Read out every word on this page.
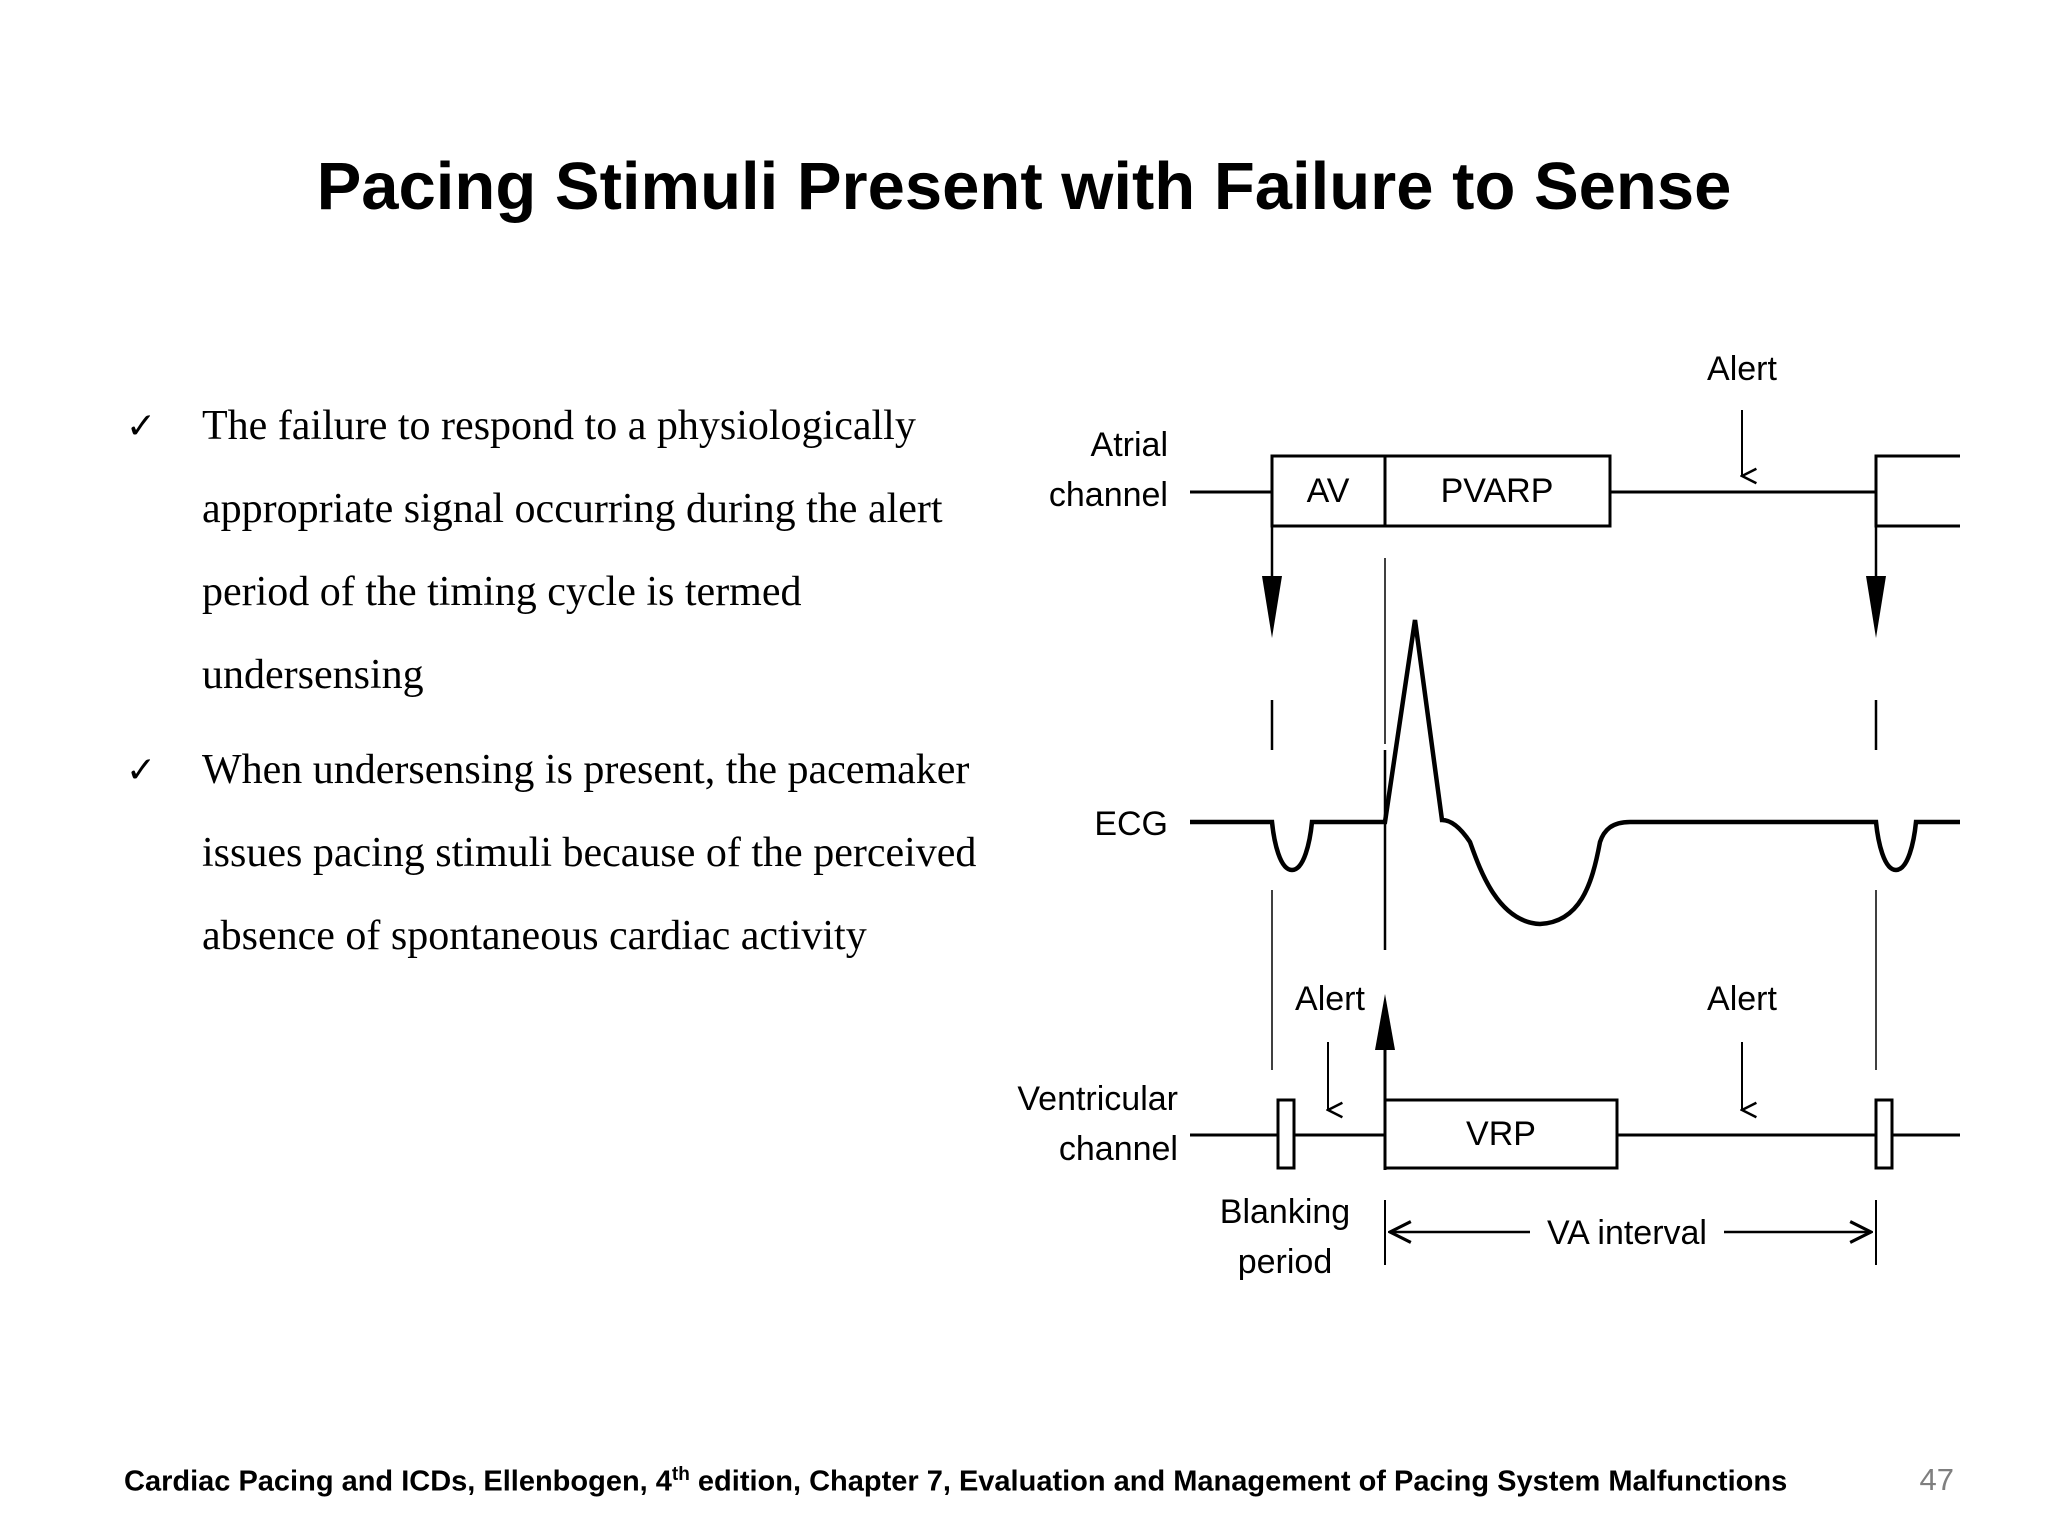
Pacing Stimuli Present with Failure to Sense
✓ The failure to respond to a physiologically appropriate signal occurring during the alert period of the timing cycle is termed undersensing
✓ When undersensing is present, the pacemaker issues pacing stimuli because of the perceived absence of spontaneous cardiac activity
Atrial
channel	AV	PVARP
Alert
ECG
Alert	Alert
Ventricular
channel	VRP
Blanking
period
VA interval
Cardiac Pacing and ICDs, Ellenbogen, 4th edition, Chapter 7, Evaluation and Management of Pacing System Malfunctions	47
